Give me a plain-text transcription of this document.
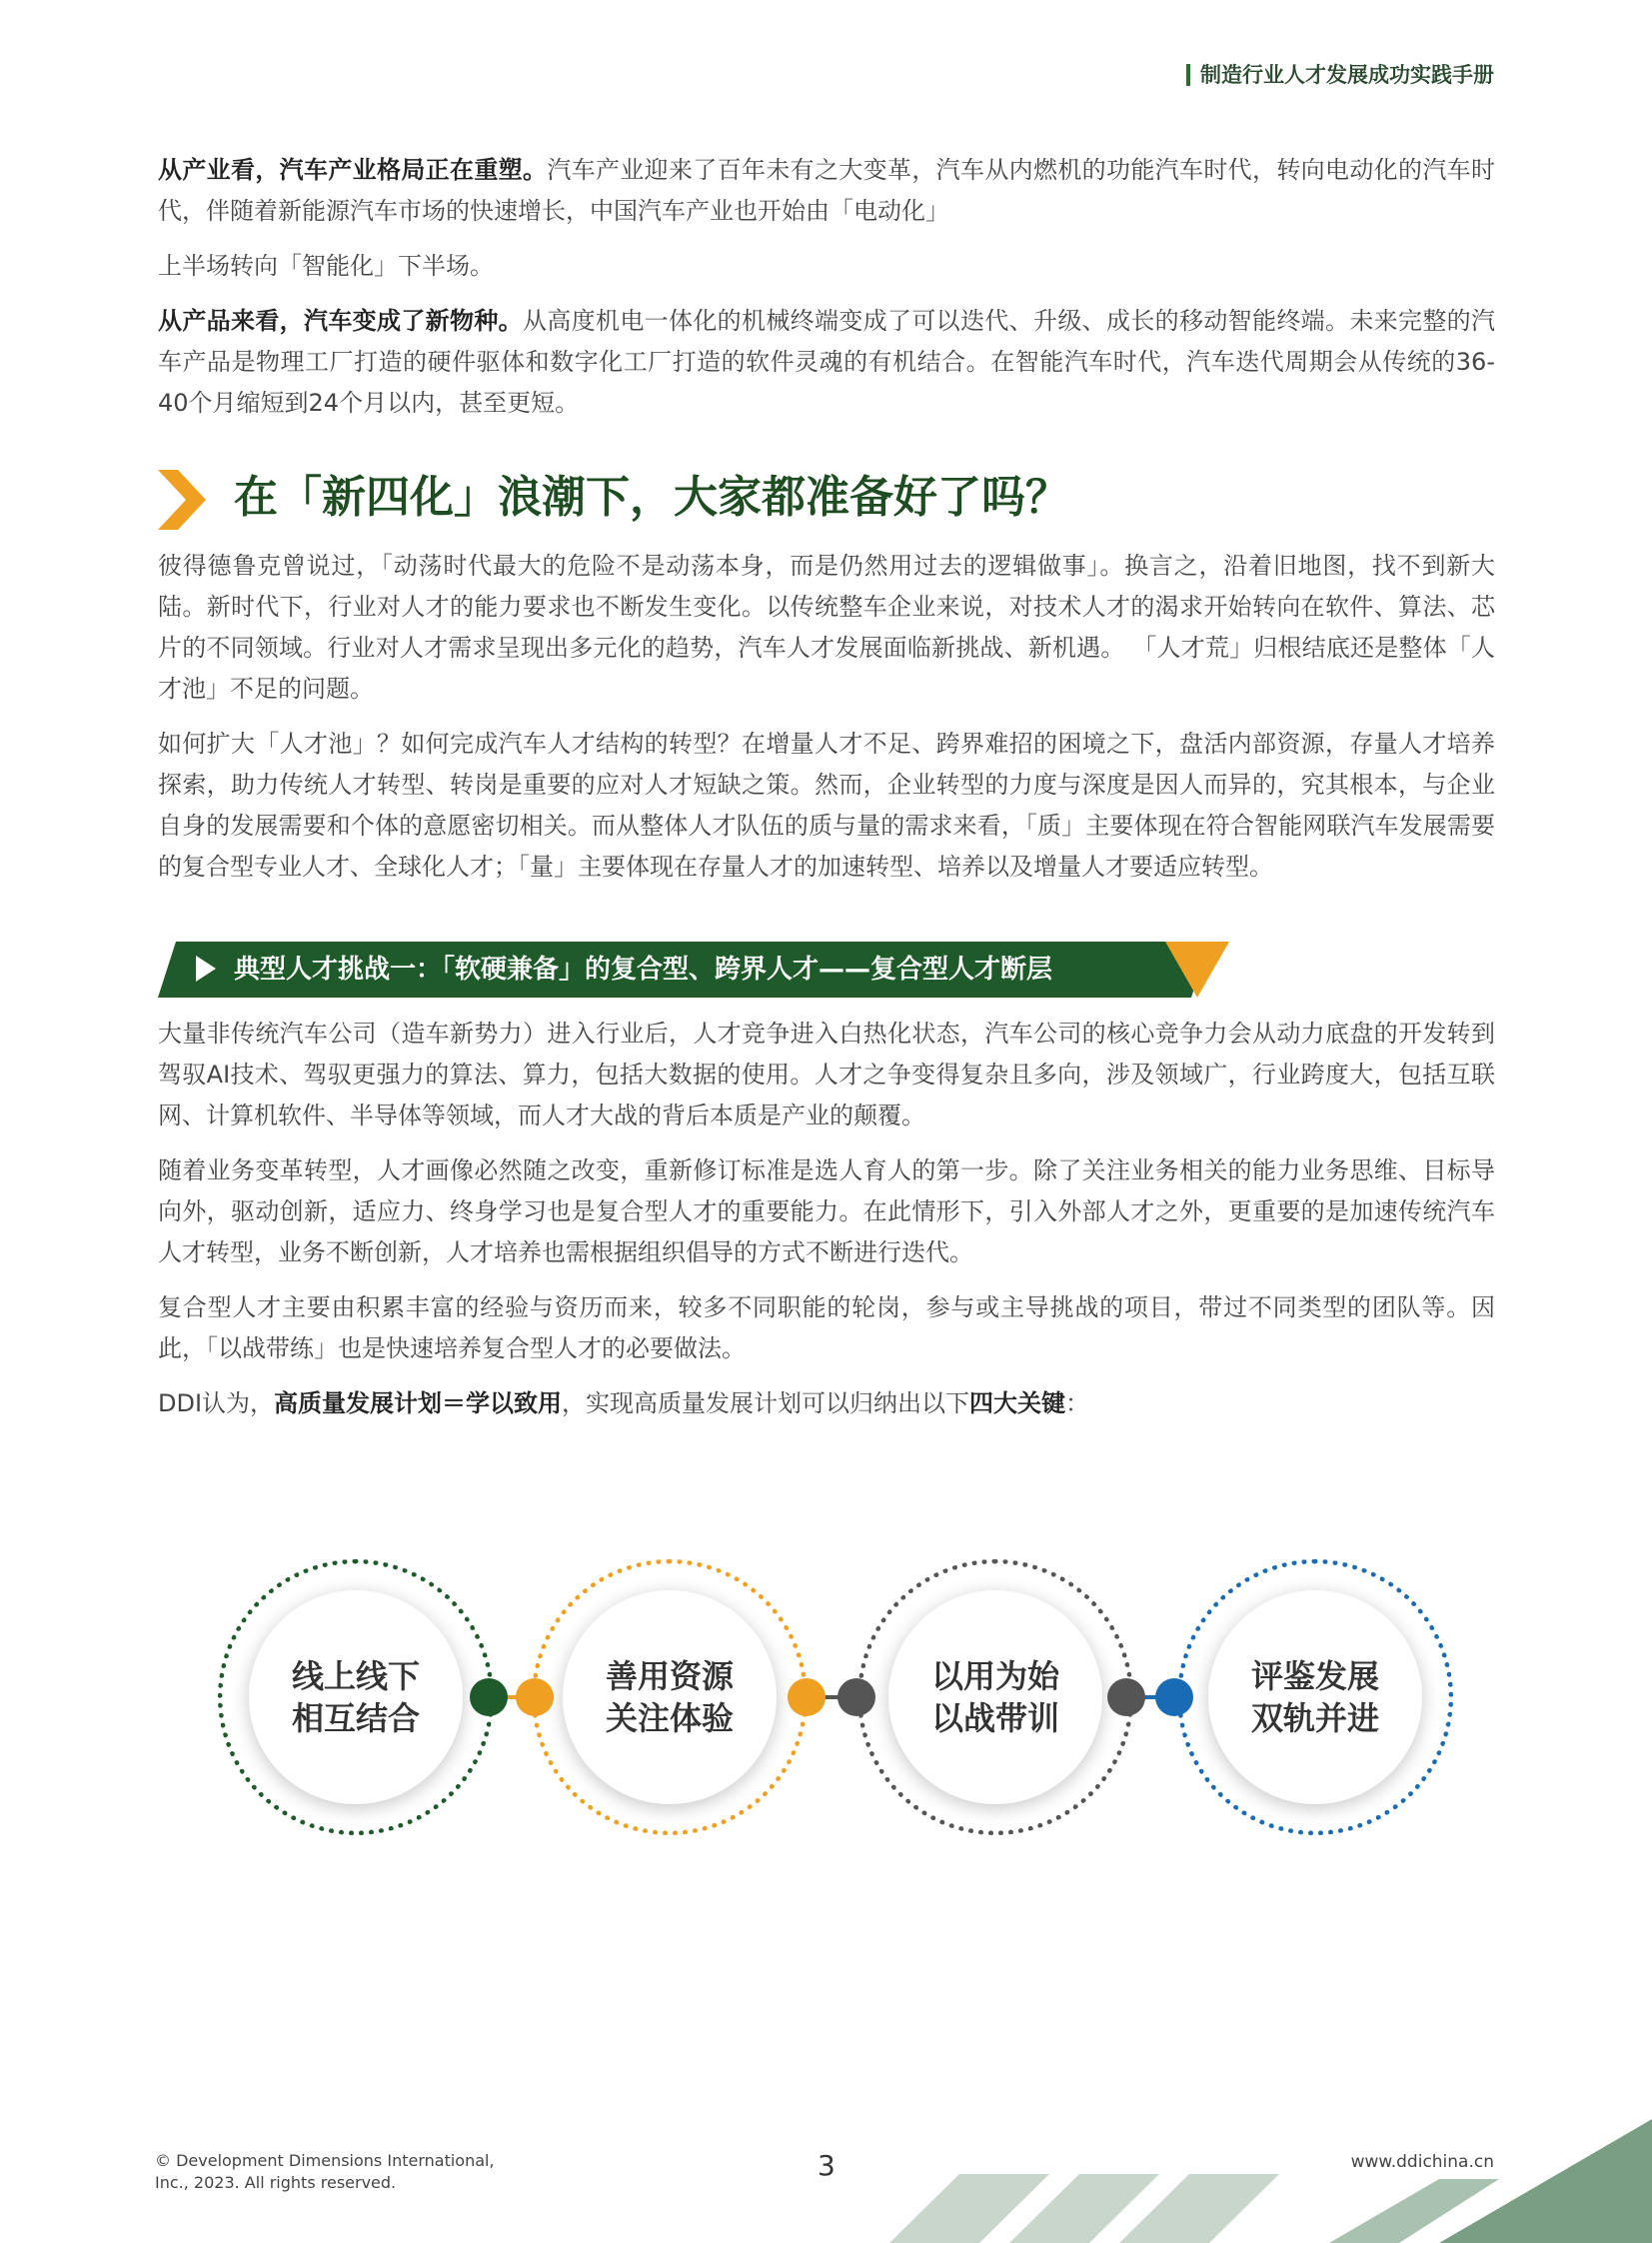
制造行业人才发展成功实践手册

从产业看，汽车产业格局正在重塑。汽车产业迎来了百年未有之大变革，汽车从内燃机的功能汽车时代，转向电动化的汽车时代，伴随着新能源汽车市场的快速增长，中国汽车产业也开始由「电动化」

上半场转向「智能化」下半场。

从产品来看，汽车变成了新物种。从高度机电一体化的机械终端变成了可以迭代、升级、成长的移动智能终端。未来完整的汽车产品是物理工厂打造的硬件驱体和数字化工厂打造的软件灵魂的有机结合。在智能汽车时代，汽车迭代周期会从传统的36-40个月缩短到24个月以内，甚至更短。

在「新四化」浪潮下，大家都准备好了吗？

彼得德鲁克曾说过，「动荡时代最大的危险不是动荡本身，而是仍然用过去的逻辑做事」。换言之，沿着旧地图，找不到新大陆。新时代下，行业对人才的能力要求也不断发生变化。以传统整车企业来说，对技术人才的渴求开始转向在软件、算法、芯片的不同领域。行业对人才需求呈现出多元化的趋势，汽车人才发展面临新挑战、新机遇。 「人才荒」归根结底还是整体「人才池」不足的问题。

如何扩大「人才池」？如何完成汽车人才结构的转型？在增量人才不足、跨界难招的困境之下，盘活内部资源，存量人才培养探索，助力传统人才转型、转岗是重要的应对人才短缺之策。然而，企业转型的力度与深度是因人而异的，究其根本，与企业自身的发展需要和个体的意愿密切相关。而从整体人才队伍的质与量的需求来看，「质」主要体现在符合智能网联汽车发展需要的复合型专业人才、全球化人才；「量」主要体现在存量人才的加速转型、培养以及增量人才要适应转型。

典型人才挑战一：「软硬兼备」的复合型、跨界人才——复合型人才断层

大量非传统汽车公司（造车新势力）进入行业后，人才竞争进入白热化状态，汽车公司的核心竞争力会从动力底盘的开发转到驾驭AI技术、驾驭更强力的算法、算力，包括大数据的使用。人才之争变得复杂且多向，涉及领域广，行业跨度大，包括互联网、计算机软件、半导体等领域，而人才大战的背后本质是产业的颠覆。

随着业务变革转型，人才画像必然随之改变，重新修订标准是选人育人的第一步。除了关注业务相关的能力业务思维、目标导向外，驱动创新，适应力、终身学习也是复合型人才的重要能力。在此情形下，引入外部人才之外，更重要的是加速传统汽车人才转型，业务不断创新，人才培养也需根据组织倡导的方式不断进行迭代。

复合型人才主要由积累丰富的经验与资历而来，较多不同职能的轮岗，参与或主导挑战的项目，带过不同类型的团队等。因此，「以战带练」也是快速培养复合型人才的必要做法。

DDI认为，高质量发展计划＝学以致用，实现高质量发展计划可以归纳出以下四大关键：

线上线下
相互结合
善用资源
关注体验
以用为始
以战带训
评鉴发展
双轨并进
© Development Dimensions International,
Inc., 2023. All rights reserved.
3	www.ddichina.cn
